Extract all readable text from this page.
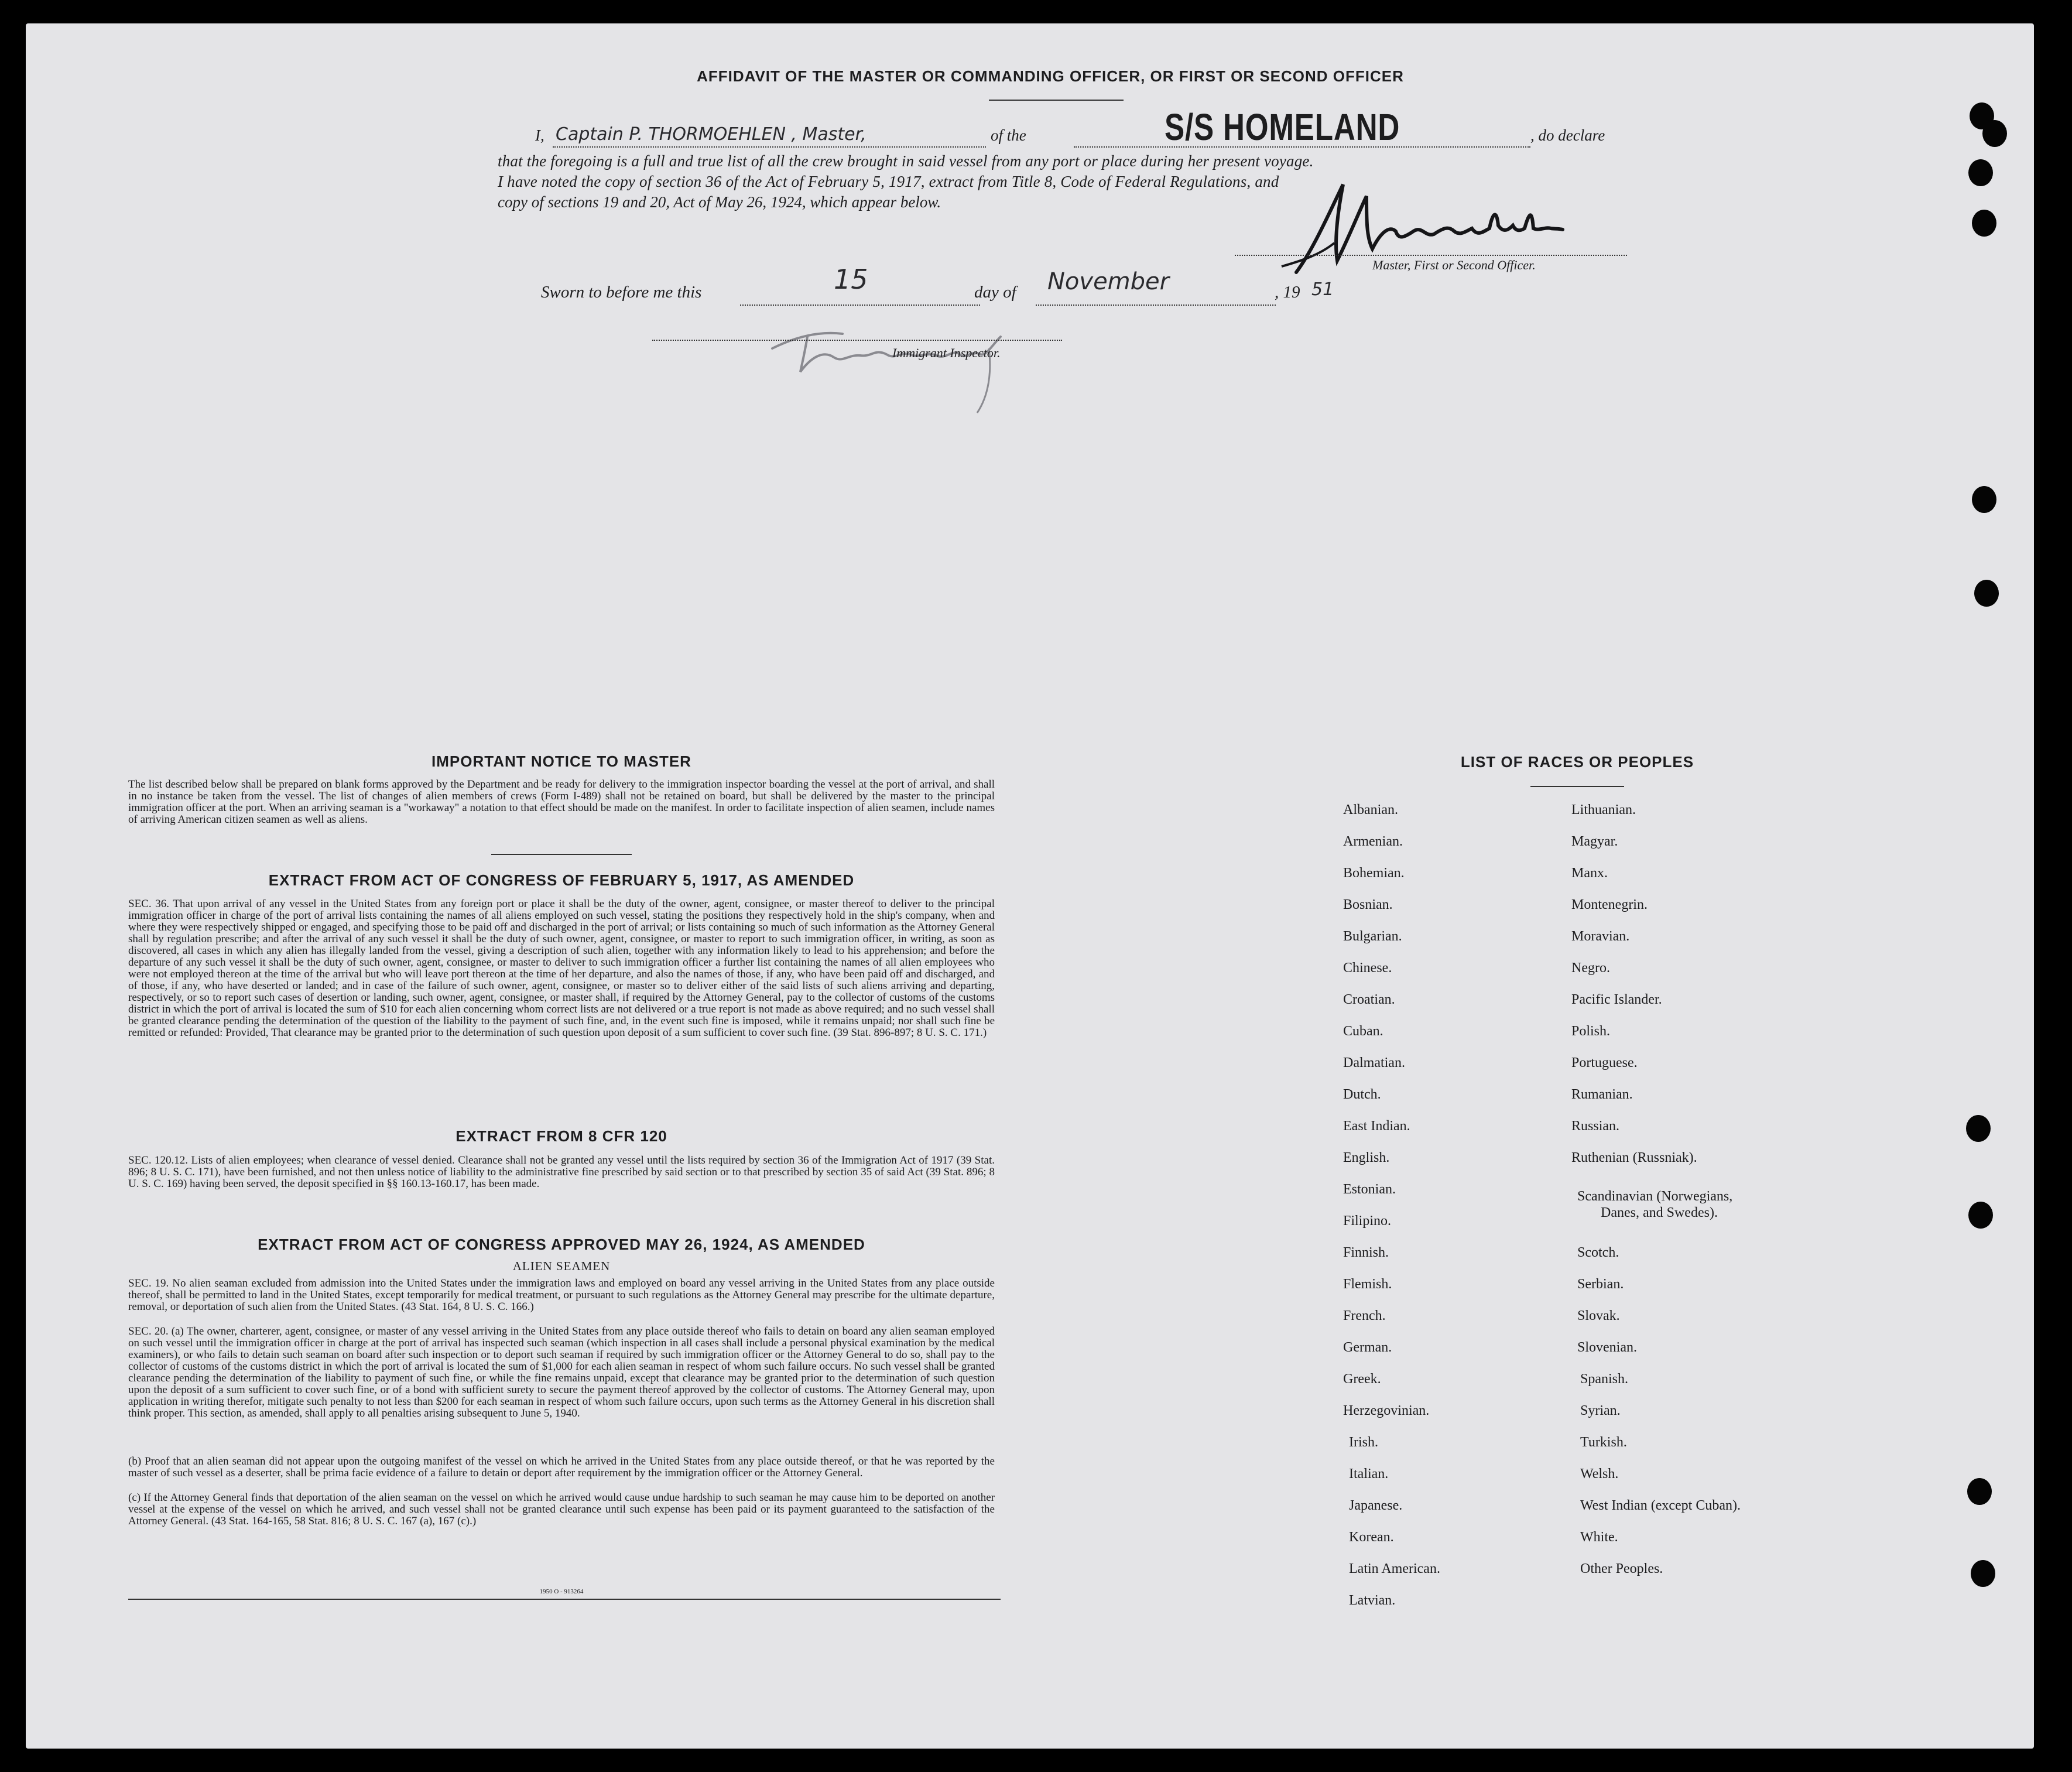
AFFIDAVIT OF THE MASTER OR COMMANDING OFFICER, OR FIRST OR SECOND OFFICER
I, Captain P. THORMOEHLEN , Master,	of the	S/S HOMELAND	, do declare
that the foregoing is a full and true list of all the crew brought in said vessel from any port or place during her present voyage.
I have noted the copy of section 36 of the Act of February 5, 1917, extract from Title 8, Code of Federal Regulations, and
copy of sections 19 and 20, Act of May 26, 1924, which appear below.
Master, First or Second Officer.
Sworn to before me this	15	day of November	, 19 51
Immigrant Inspector.
IMPORTANT NOTICE TO MASTER
The list described below shall be prepared on blank forms approved by the Department and be ready for delivery to the immigration inspector boarding the vessel at the port of arrival, and shall in no instance be taken from the vessel. The list of changes of alien members of crews (Form I-489) shall not be retained on board, but shall be delivered by the master to the principal immigration officer at the port. When an arriving seaman is a "workaway" a notation to that effect should be made on the manifest. In order to facilitate inspection of alien seamen, include names of arriving American citizen seamen as well as aliens.
EXTRACT FROM ACT OF CONGRESS OF FEBRUARY 5, 1917, AS AMENDED
SEC. 36. That upon arrival of any vessel in the United States from any foreign port or place it shall be the duty of the owner, agent, consignee, or master thereof to deliver to the principal immigration officer in charge of the port of arrival lists containing the names of all aliens employed on such vessel, stating the positions they respectively hold in the ship's company, when and where they were respectively shipped or engaged, and specifying those to be paid off and discharged in the port of arrival; or lists containing so much of such information as the Attorney General shall by regulation prescribe; and after the arrival of any such vessel it shall be the duty of such owner, agent, consignee, or master to report to such immigration officer, in writing, as soon as discovered, all cases in which any alien has illegally landed from the vessel, giving a description of such alien, together with any information likely to lead to his apprehension; and before the departure of any such vessel it shall be the duty of such owner, agent, consignee, or master to deliver to such immigration officer a further list containing the names of all alien employees who were not employed thereon at the time of the arrival but who will leave port thereon at the time of her departure, and also the names of those, if any, who have been paid off and discharged, and of those, if any, who have deserted or landed; and in case of the failure of such owner, agent, consignee, or master so to deliver either of the said lists of such aliens arriving and departing, respectively, or so to report such cases of desertion or landing, such owner, agent, consignee, or master shall, if required by the Attorney General, pay to the collector of customs of the customs district in which the port of arrival is located the sum of $10 for each alien concerning whom correct lists are not delivered or a true report is not made as above required; and no such vessel shall be granted clearance pending the determination of the question of the liability to the payment of such fine, and, in the event such fine is imposed, while it remains unpaid; nor shall such fine be remitted or refunded: Provided, That clearance may be granted prior to the determination of such question upon deposit of a sum sufficient to cover such fine. (39 Stat. 896-897; 8 U. S. C. 171.)
EXTRACT FROM 8 CFR 120
SEC. 120.12. Lists of alien employees; when clearance of vessel denied. Clearance shall not be granted any vessel until the lists required by section 36 of the Immigration Act of 1917 (39 Stat. 896; 8 U. S. C. 171), have been furnished, and not then unless notice of liability to the administrative fine prescribed by said section or to that prescribed by section 35 of said Act (39 Stat. 896; 8 U. S. C. 169) having been served, the deposit specified in §§ 160.13-160.17, has been made.
EXTRACT FROM ACT OF CONGRESS APPROVED MAY 26, 1924, AS AMENDED
ALIEN SEAMEN
SEC. 19. No alien seaman excluded from admission into the United States under the immigration laws and employed on board any vessel arriving in the United States from any place outside thereof, shall be permitted to land in the United States, except temporarily for medical treatment, or pursuant to such regulations as the Attorney General may prescribe for the ultimate departure, removal, or deportation of such alien from the United States. (43 Stat. 164, 8 U. S. C. 166.)
SEC. 20. (a) The owner, charterer, agent, consignee, or master of any vessel arriving in the United States from any place outside thereof who fails to detain on board any alien seaman employed on such vessel until the immigration officer in charge at the port of arrival has inspected such seaman (which inspection in all cases shall include a personal physical examination by the medical examiners), or who fails to detain such seaman on board after such inspection or to deport such seaman if required by such immigration officer or the Attorney General to do so, shall pay to the collector of customs of the customs district in which the port of arrival is located the sum of $1,000 for each alien seaman in respect of whom such failure occurs. No such vessel shall be granted clearance pending the determination of the liability to payment of such fine, or while the fine remains unpaid, except that clearance may be granted prior to the determination of such question upon the deposit of a sum sufficient to cover such fine, or of a bond with sufficient surety to secure the payment thereof approved by the collector of customs. The Attorney General may, upon application in writing therefor, mitigate such penalty to not less than $200 for each seaman in respect of whom such failure occurs, upon such terms as the Attorney General in his discretion shall think proper. This section, as amended, shall apply to all penalties arising subsequent to June 5, 1940.
(b) Proof that an alien seaman did not appear upon the outgoing manifest of the vessel on which he arrived in the United States from any place outside thereof, or that he was reported by the master of such vessel as a deserter, shall be prima facie evidence of a failure to detain or deport after requirement by the immigration officer or the Attorney General.
(c) If the Attorney General finds that deportation of the alien seaman on the vessel on which he arrived would cause undue hardship to such seaman he may cause him to be deported on another vessel at the expense of the vessel on which he arrived, and such vessel shall not be granted clearance until such expense has been paid or its payment guaranteed to the satisfaction of the Attorney General. (43 Stat. 164-165, 58 Stat. 816; 8 U. S. C. 167 (a), 167 (c).)
1950 O - 913264
LIST OF RACES OR PEOPLES
Albanian.
Armenian.
Bohemian.
Bosnian.
Bulgarian.
Chinese.
Croatian.
Cuban.
Dalmatian.
Dutch.
East Indian.
English.
Estonian.
Filipino.
Finnish.
Flemish.
French.
German.
Greek.
Herzegovinian.
Irish.
Italian.
Japanese.
Korean.
Latin American.
Latvian.
Lithuanian.
Magyar.
Manx.
Montenegrin.
Moravian.
Negro.
Pacific Islander.
Polish.
Portuguese.
Rumanian.
Russian.
Ruthenian (Russniak).
Scandinavian (Norwegians,
Danes, and Swedes).
Scotch.
Serbian.
Slovak.
Slovenian.
Spanish.
Syrian.
Turkish.
Welsh.
West Indian (except Cuban).
White.
Other Peoples.
